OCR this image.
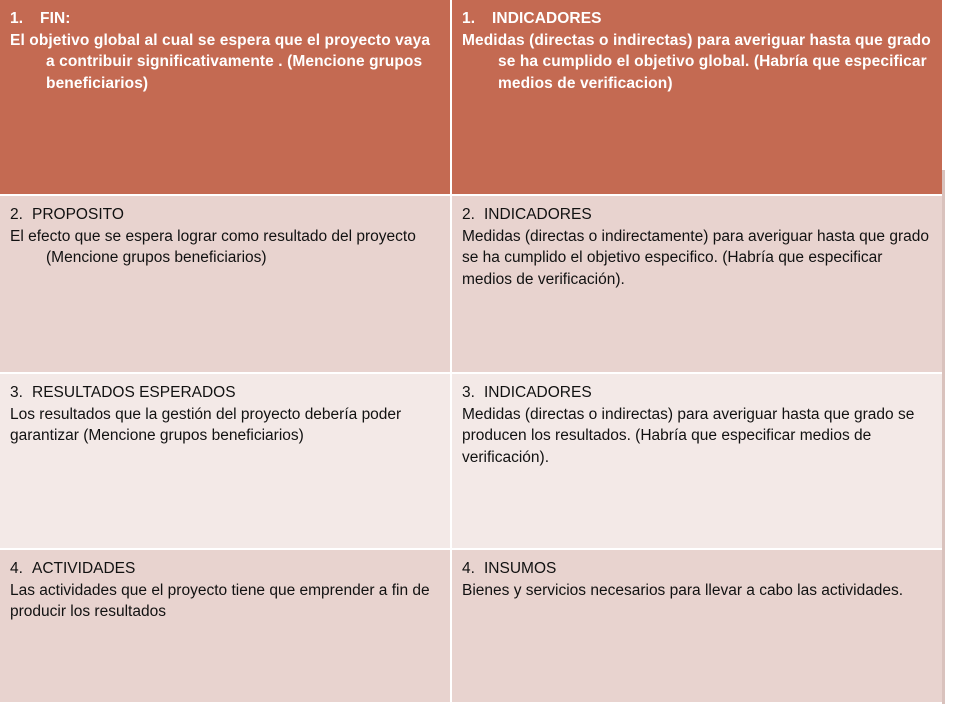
1. FIN:
El objetivo global al cual se espera que el proyecto vaya a contribuir significativamente . (Mencione grupos beneficiarios)
1. INDICADORES
Medidas (directas o indirectas) para averiguar hasta que grado se ha cumplido el objetivo global. (Habría que especificar medios de verificacion)
2. PROPOSITO
El efecto que se espera lograr como resultado del proyecto (Mencione grupos beneficiarios)
2. INDICADORES
Medidas (directas o indirectamente) para averiguar hasta que grado se ha cumplido el objetivo especifico. (Habría que especificar medios de verificación).
3. RESULTADOS ESPERADOS
Los resultados que la gestión del proyecto debería poder garantizar (Mencione grupos beneficiarios)
3. INDICADORES
Medidas (directas o indirectas) para averiguar hasta que grado se producen los resultados. (Habría que especificar medios de verificación).
4. ACTIVIDADES
Las actividades que el proyecto tiene que emprender a fin de producir los resultados
4. INSUMOS
Bienes y servicios necesarios para llevar a cabo las actividades.
